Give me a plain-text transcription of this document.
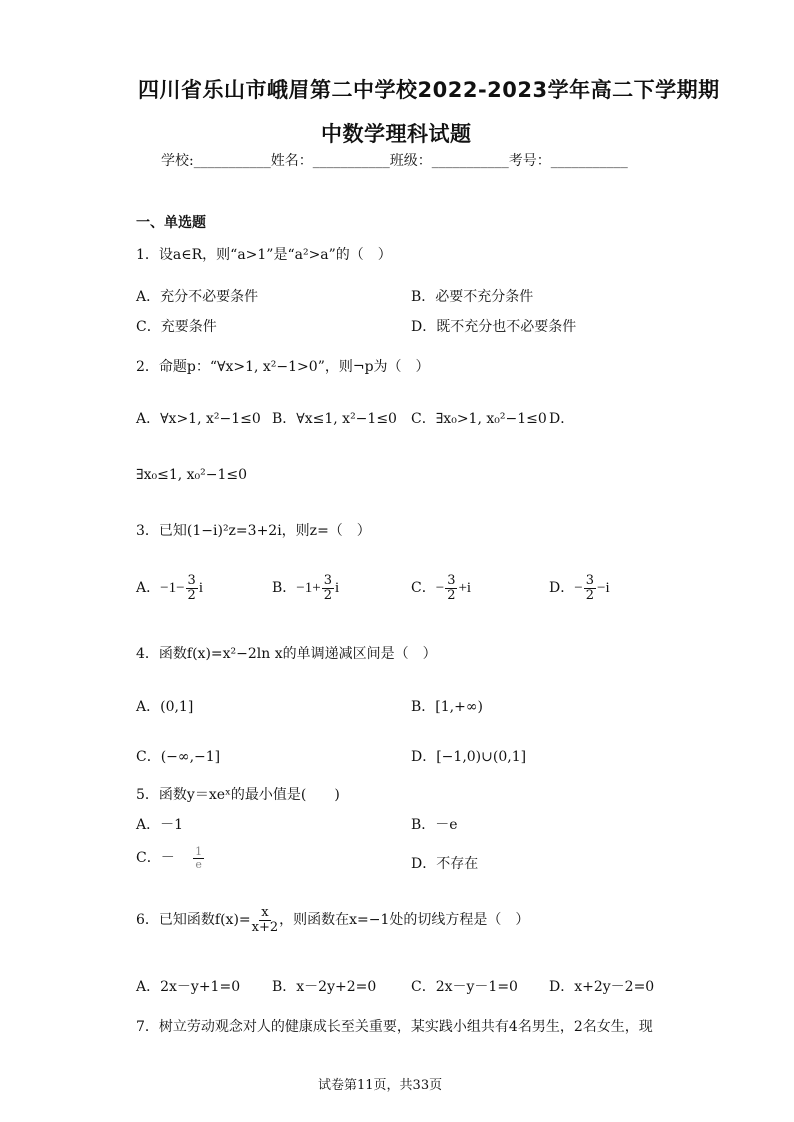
四川省乐山市峨眉第二中学校2022-2023学年高二下学期期
中数学理科试题
学校:___________姓名：___________班级：___________考号：___________
一、单选题
1．设a∈R，则“a>1”是“a²>a”的（　）
A．充分不必要条件	B．必要不充分条件
C．充要条件	D．既不充分也不必要条件
2．命题p：“∀x>1, x²−1>0”，则¬p为（　）
A．∀x>1, x²−1≤0 B．∀x≤1, x²−1≤0 C．∃x₀>1, x₀²−1≤0 D．
∃x₀≤1, x₀²−1≤0
3．已知(1−i)²z=3+2i，则z=（　）
A．$-1- \frac{3}{2}$ i	B．$-1+ \frac{3}{2}$ i	C．− $\frac{3}{2} +i$	D．− $\frac{3}{2} -i$
4．函数f(x)=x²−2ln x的单调递减区间是（　）
A．(0,1]	B．[1,+∞)
C．(−∞,−1]	D．[−1,0)∪(0,1]
5．函数y＝xeˣ的最小值是(　　)
A．－1	B．－e
C．－ $\frac{1}{e}$	D．不存在
6．已知函数$f(x)= \frac{x}{x+2}$ ，则函数在x=−1处的切线方程是（　）
A．2x－y+1=0 B．x－2y+2=0 C．2x－y－1=0 D．x+2y－2=0
7．树立劳动观念对人的健康成长至关重要，某实践小组共有4名男生，2名女生，现
试卷第11页，共33页
